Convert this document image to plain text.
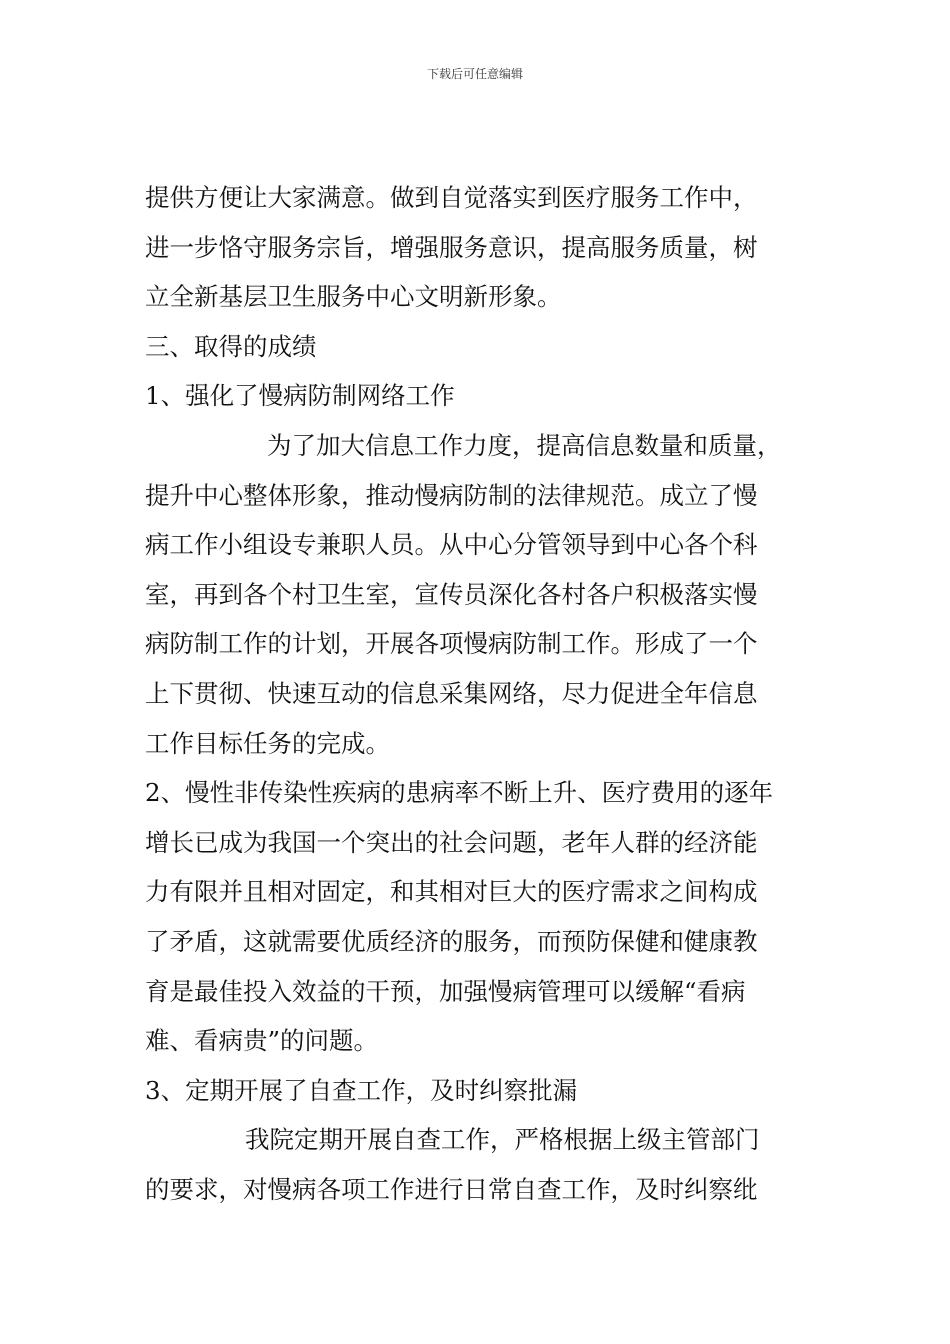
下载后可任意编辑
提供方便让大家满意。做到自觉落实到医疗服务工作中，
进一步恪守服务宗旨，增强服务意识，提高服务质量，树
立全新基层卫生服务中心文明新形象。
三、取得的成绩
1、强化了慢病防制网络工作
为了加大信息工作力度，提高信息数量和质量，
提升中心整体形象，推动慢病防制的法律规范。成立了慢
病工作小组设专兼职人员。从中心分管领导到中心各个科
室，再到各个村卫生室，宣传员深化各村各户积极落实慢
病防制工作的计划，开展各项慢病防制工作。形成了一个
上下贯彻、快速互动的信息采集网络，尽力促进全年信息
工作目标任务的完成。
2、慢性非传染性疾病的患病率不断上升、医疗费用的逐年
增长已成为我国一个突出的社会问题，老年人群的经济能
力有限并且相对固定，和其相对巨大的医疗需求之间构成
了矛盾，这就需要优质经济的服务，而预防保健和健康教
育是最佳投入效益的干预，加强慢病管理可以缓解“看病
难、看病贵”的问题。
3、定期开展了自查工作，及时纠察批漏
我院定期开展自查工作，严格根据上级主管部门
的要求，对慢病各项工作进行日常自查工作，及时纠察纰
